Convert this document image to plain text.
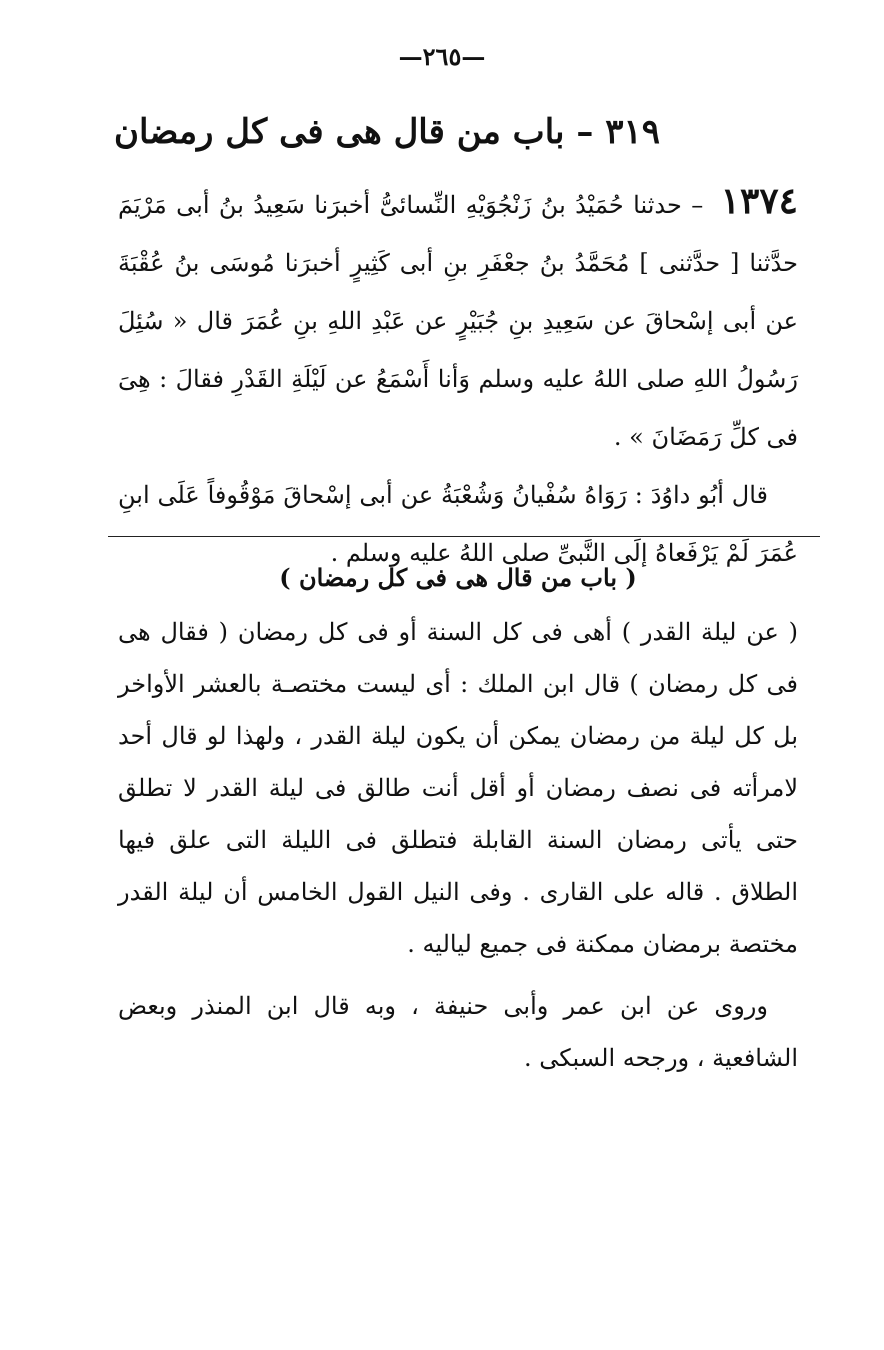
—٢٦٥—
٣١٩ – باب من قال هى فى كل رمضان

١٣٧٤ – حدثنا حُمَيْدُ بنُ زَنْجُوَيْهِ النِّسائىُّ أخبرَنا سَعِيدُ بنُ أبى مَرْيَمَ حدَّثنا [ حدَّثنى ] مُحَمَّدُ بنُ جعْفَرِ بنِ أبى كَثِيرٍ أخبرَنا مُوسَى بنُ عُقْبَةَ عن أبى إسْحاقَ عن سَعِيدِ بنِ جُبَيْرٍ عن عَبْدِ اللهِ بنِ عُمَرَ قال « سُئِلَ رَسُولُ اللهِ صلى اللهُ عليه وسلم وَأنا أَسْمَعُ عن لَيْلَةِ القَدْرِ فقالَ : هِىَ فى كلِّ رَمَضَانَ » .

قال أبُو داوُدَ : رَوَاهُ سُفْيانُ وَشُعْبَةُ عن أبى إسْحاقَ مَوْقُوفاً عَلَى ابنِ عُمَرَ لَمْ يَرْفَعاهُ إلَى النَّبىِّ صلى اللهُ عليه وسلم .

( باب من قال هى فى كل رمضان )

( عن ليلة القدر ) أهى فى كل السنة أو فى كل رمضان ( فقال هى فى كل رمضان ) قال ابن الملك : أى ليست مختصـة بالعشر الأواخر بل كل ليلة من رمضان يمكن أن يكون ليلة القدر ، ولهذا لو قال أحد لامرأته فى نصف رمضان أو أقل أنت طالق فى ليلة القدر لا تطلق حتى يأتى رمضان السنة القابلة فتطلق فى الليلة التى علق فيها الطلاق . قاله على القارى . وفى النيل القول الخامس أن ليلة القدر مختصة برمضان ممكنة فى جميع لياليه .

وروى عن ابن عمر وأبى حنيفة ، وبه قال ابن المنذر وبعض الشافعية ، ورجحه السبكى .
